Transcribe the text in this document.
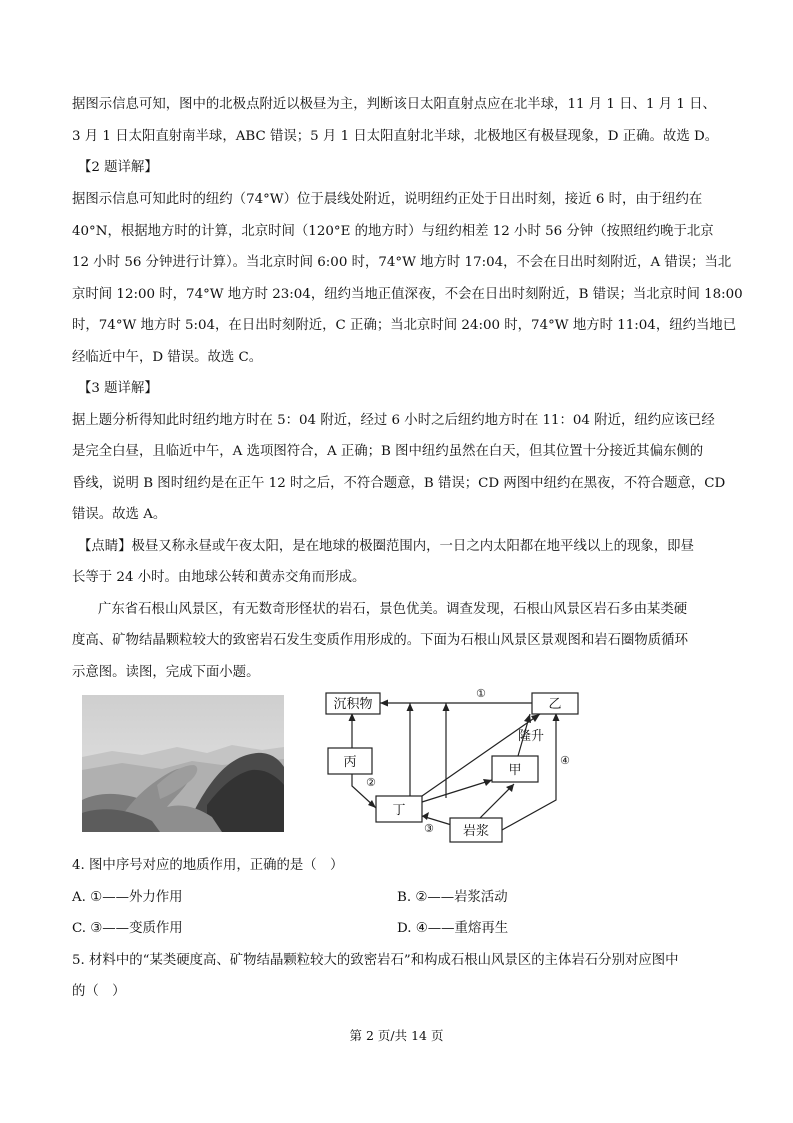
据图示信息可知，图中的北极点附近以极昼为主，判断该日太阳直射点应在北半球，11 月 1 日、1 月 1 日、
3 月 1 日太阳直射南半球，ABC 错误；5 月 1 日太阳直射北半球，北极地区有极昼现象，D 正确。故选 D。
【2 题详解】
据图示信息可知此时的纽约（74°W）位于晨线处附近，说明纽约正处于日出时刻，接近 6 时，由于纽约在
40°N，根据地方时的计算，北京时间（120°E 的地方时）与纽约相差 12 小时 56 分钟（按照纽约晚于北京
12 小时 56 分钟进行计算）。当北京时间 6:00 时，74°W 地方时 17:04，不会在日出时刻附近，A 错误；当北
京时间 12:00 时，74°W 地方时 23:04，纽约当地正值深夜，不会在日出时刻附近，B 错误；当北京时间 18:00
时，74°W 地方时 5:04，在日出时刻附近，C 正确；当北京时间 24:00 时，74°W 地方时 11:04，纽约当地已
经临近中午，D 错误。故选 C。
【3 题详解】
据上题分析得知此时纽约地方时在 5：04 附近，经过 6 小时之后纽约地方时在 11：04 附近，纽约应该已经
是完全白昼，且临近中午，A 选项图符合，A 正确；B 图中纽约虽然在白天，但其位置十分接近其偏东侧的
昏线，说明 B 图时纽约是在正午 12 时之后，不符合题意，B 错误；CD 两图中纽约在黑夜，不符合题意，CD
错误。故选 A。
【点睛】极昼又称永昼或午夜太阳，是在地球的极圈范围内，一日之内太阳都在地平线以上的现象，即昼
长等于 24 小时。由地球公转和黄赤交角而形成。
广东省石根山风景区，有无数奇形怪状的岩石，景色优美。调查发现，石根山风景区岩石多由某类硬
度高、矿物结晶颗粒较大的致密岩石发生变质作用形成的。下面为石根山风景区景观图和岩石圈物质循环
示意图。读图，完成下面小题。
沉积物	乙
丙
甲
丁
岩浆
隆升
①
②
③
④
4. 图中序号对应的地质作用，正确的是（　）
A. ①——外力作用	B. ②——岩浆活动
C. ③——变质作用	D. ④——重熔再生
5. 材料中的“某类硬度高、矿物结晶颗粒较大的致密岩石”和构成石根山风景区的主体岩石分别对应图中
的（　）
第 2 页/共 14 页
